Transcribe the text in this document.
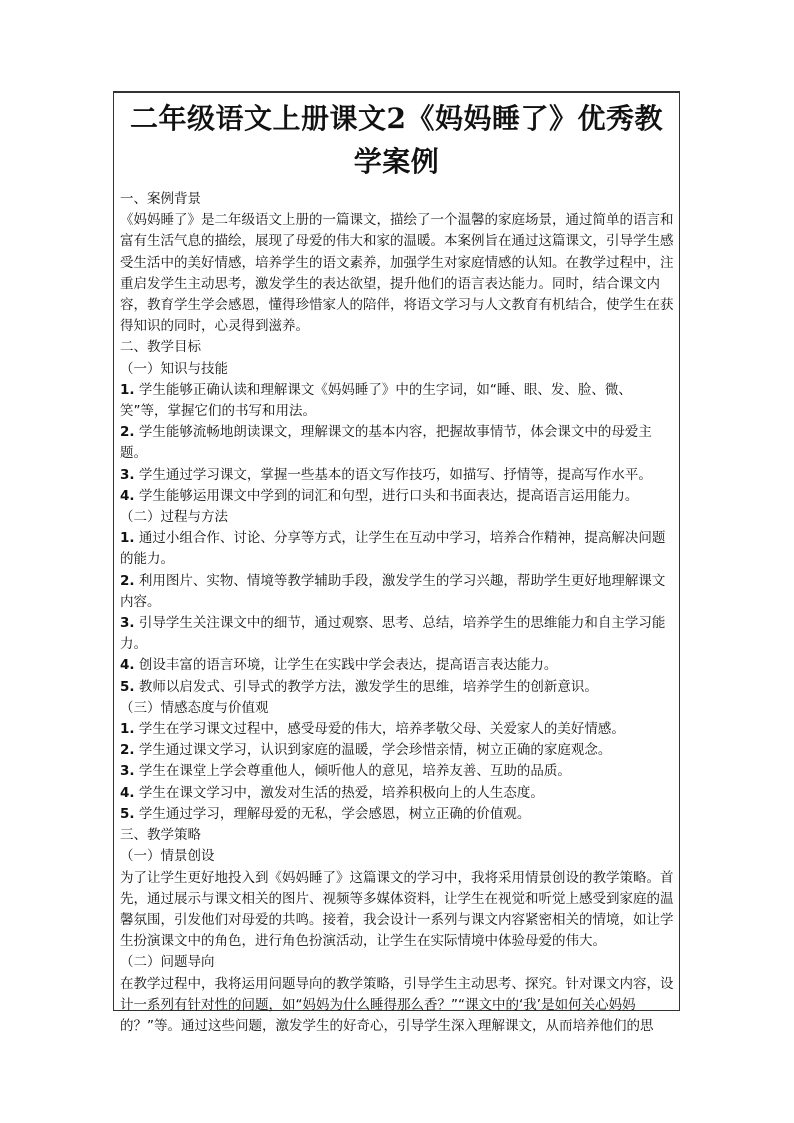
二年级语文上册课文2《妈妈睡了》优秀教学案例

一、案例背景

《妈妈睡了》是二年级语文上册的一篇课文，描绘了一个温馨的家庭场景，通过简单的语言和富有生活气息的描绘，展现了母爱的伟大和家的温暖。本案例旨在通过这篇课文，引导学生感受生活中的美好情感，培养学生的语文素养，加强学生对家庭情感的认知。在教学过程中，注重启发学生主动思考，激发学生的表达欲望，提升他们的语言表达能力。同时，结合课文内容，教育学生学会感恩，懂得珍惜家人的陪伴，将语文学习与人文教育有机结合，使学生在获得知识的同时，心灵得到滋养。

二、教学目标

（一）知识与技能

1. 学生能够正确认读和理解课文《妈妈睡了》中的生字词，如“睡、眼、发、脸、微、笑”等，掌握它们的书写和用法。

2. 学生能够流畅地朗读课文，理解课文的基本内容，把握故事情节，体会课文中的母爱主题。

3. 学生通过学习课文，掌握一些基本的语文写作技巧，如描写、抒情等，提高写作水平。

4. 学生能够运用课文中学到的词汇和句型，进行口头和书面表达，提高语言运用能力。

（二）过程与方法

1. 通过小组合作、讨论、分享等方式，让学生在互动中学习，培养合作精神，提高解决问题的能力。

2. 利用图片、实物、情境等教学辅助手段，激发学生的学习兴趣，帮助学生更好地理解课文内容。

3. 引导学生关注课文中的细节，通过观察、思考、总结，培养学生的思维能力和自主学习能力。

4. 创设丰富的语言环境，让学生在实践中学会表达，提高语言表达能力。

5. 教师以启发式、引导式的教学方法，激发学生的思维，培养学生的创新意识。

（三）情感态度与价值观

1. 学生在学习课文过程中，感受母爱的伟大，培养孝敬父母、关爱家人的美好情感。

2. 学生通过课文学习，认识到家庭的温暖，学会珍惜亲情，树立正确的家庭观念。

3. 学生在课堂上学会尊重他人，倾听他人的意见，培养友善、互助的品质。

4. 学生在课文学习中，激发对生活的热爱，培养积极向上的人生态度。

5. 学生通过学习，理解母爱的无私，学会感恩，树立正确的价值观。

三、教学策略

（一）情景创设

为了让学生更好地投入到《妈妈睡了》这篇课文的学习中，我将采用情景创设的教学策略。首先，通过展示与课文相关的图片、视频等多媒体资料，让学生在视觉和听觉上感受到家庭的温馨氛围，引发他们对母爱的共鸣。接着，我会设计一系列与课文内容紧密相关的情境，如让学生扮演课文中的角色，进行角色扮演活动，让学生在实际情境中体验母爱的伟大。

（二）问题导向

在教学过程中，我将运用问题导向的教学策略，引导学生主动思考、探究。针对课文内容，设计一系列有针对性的问题，如“妈妈为什么睡得那么香？”“课文中的‘我’是如何关心妈妈的？”等。通过这些问题，激发学生的好奇心，引导学生深入理解课文，从而培养他们的思
